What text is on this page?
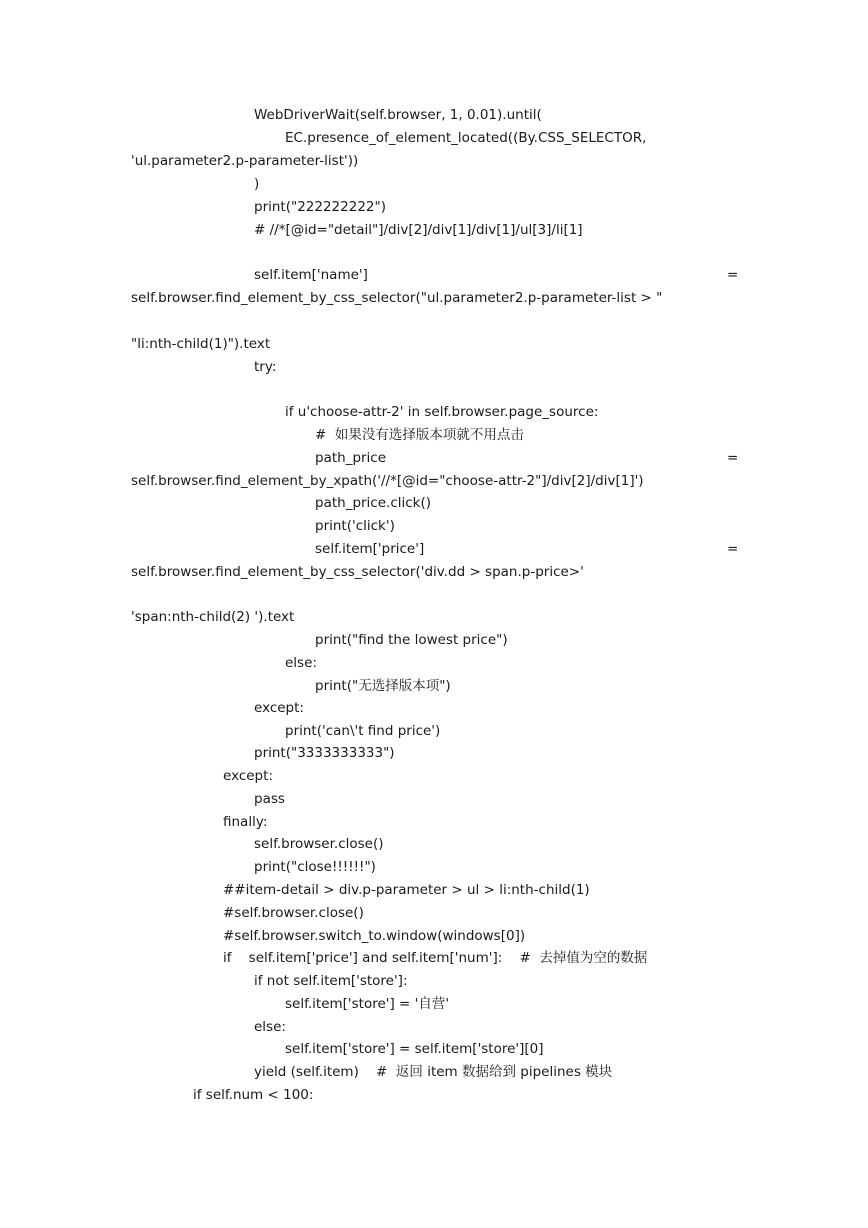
WebDriverWait(self.browser, 1, 0.01).until(
EC.presence_of_element_located((By.CSS_SELECTOR,
'ul.parameter2.p-parameter-list'))
)
print("222222222")
# //*[@id="detail"]/div[2]/div[1]/div[1]/ul[3]/li[1]
self.item['name']	=
self.browser.find_element_by_css_selector("ul.parameter2.p-parameter-list > "
"li:nth-child(1)").text
try:
if u'choose-attr-2' in self.browser.page_source:
#  如果没有选择版本项就不用点击
path_price	=
self.browser.find_element_by_xpath('//*[@id="choose-attr-2"]/div[2]/div[1]')
path_price.click()
print('click')
self.item['price']	=
self.browser.find_element_by_css_selector('div.dd > span.p-price>'
'span:nth-child(2) ').text
print("find the lowest price")
else:
print("无选择版本项")
except:
print('can\'t find price')
print("3333333333")
except:
pass
finally:
self.browser.close()
print("close!!!!!!")
##item-detail > div.p-parameter > ul > li:nth-child(1)
#self.browser.close()
#self.browser.switch_to.window(windows[0])
if    self.item['price'] and self.item['num']:    #  去掉值为空的数据
if not self.item['store']:
self.item['store'] = '自营'
else:
self.item['store'] = self.item['store'][0]
yield (self.item)    #  返回 item 数据给到 pipelines 模块
if self.num < 100:
